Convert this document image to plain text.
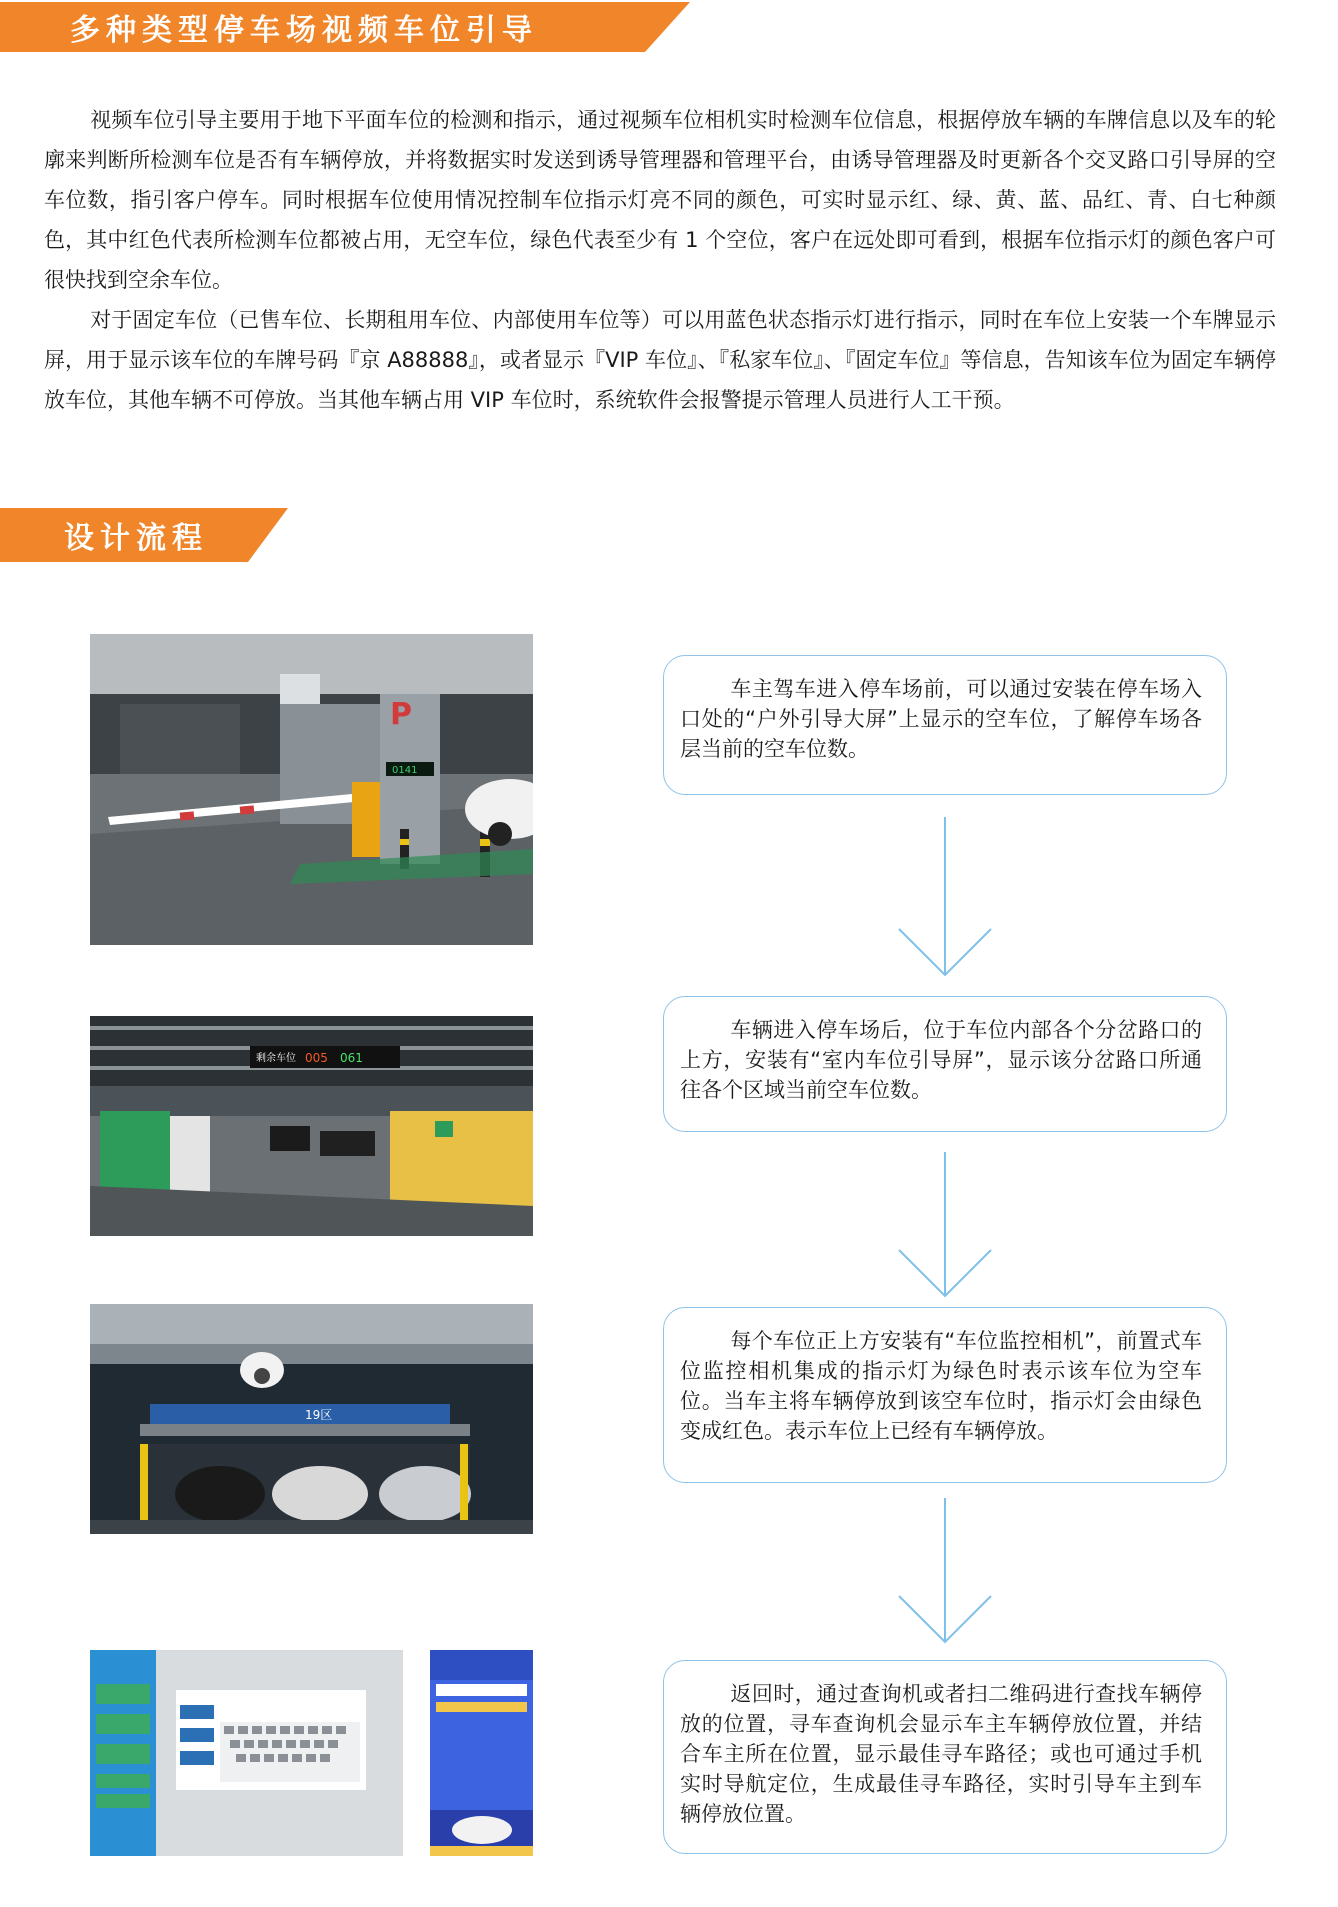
多种类型停车场视频车位引导

视频车位引导主要用于地下平面车位的检测和指示，通过视频车位相机实时检测车位信息，根据停放车辆的车牌信息以及车的轮廓来判断所检测车位是否有车辆停放，并将数据实时发送到诱导管理器和管理平台，由诱导管理器及时更新各个交叉路口引导屏的空车位数，指引客户停车。同时根据车位使用情况控制车位指示灯亮不同的颜色，可实时显示红、绿、黄、蓝、品红、青、白七种颜色，其中红色代表所检测车位都被占用，无空车位，绿色代表至少有 1 个空位，客户在远处即可看到，根据车位指示灯的颜色客户可很快找到空余车位。

对于固定车位（已售车位、长期租用车位、内部使用车位等）可以用蓝色状态指示灯进行指示，同时在车位上安装一个车牌显示屏，用于显示该车位的车牌号码『京 A88888』，或者显示『VIP 车位』、『私家车位』、『固定车位』等信息，告知该车位为固定车辆停放车位，其他车辆不可停放。当其他车辆占用 VIP 车位时，系统软件会报警提示管理人员进行人工干预。

设计流程
P
0141
剩余车位 005 061
19区

车主驾车进入停车场前，可以通过安装在停车场入口处的“户外引导大屏”上显示的空车位，了解停车场各层当前的空车位数。

车辆进入停车场后，位于车位内部各个分岔路口的上方，安装有“室内车位引导屏”，显示该分岔路口所通往各个区域当前空车位数。

每个车位正上方安装有“车位监控相机”，前置式车位监控相机集成的指示灯为绿色时表示该车位为空车位。当车主将车辆停放到该空车位时，指示灯会由绿色变成红色。表示车位上已经有车辆停放。

返回时，通过查询机或者扫二维码进行查找车辆停放的位置，寻车查询机会显示车主车辆停放位置，并结合车主所在位置，显示最佳寻车路径；或也可通过手机实时导航定位，生成最佳寻车路径，实时引导车主到车辆停放位置。
